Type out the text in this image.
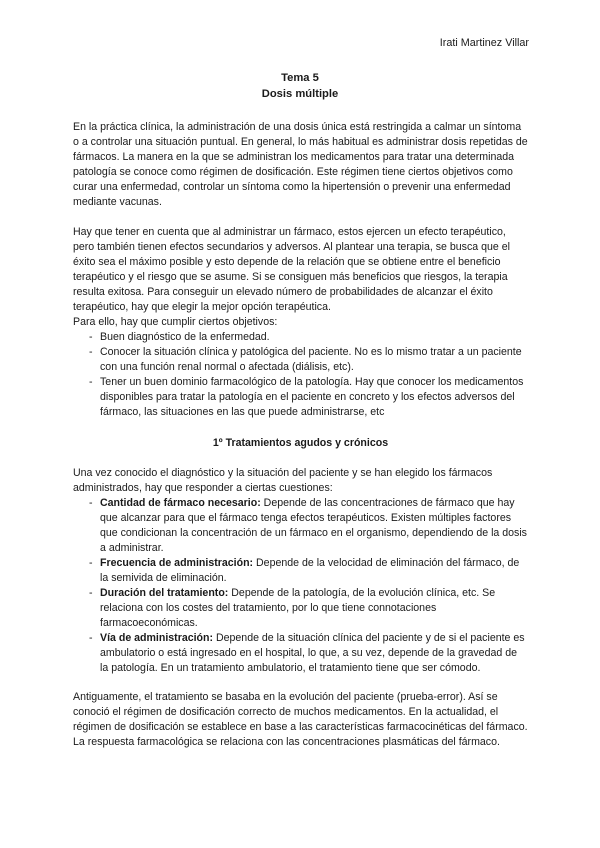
Irati Martinez Villar
Tema 5
Dosis múltiple

En la práctica clínica, la administración de una dosis única está restringida a calmar un síntoma o a controlar una situación puntual. En general, lo más habitual es administrar dosis repetidas de fármacos. La manera en la que se administran los medicamentos para tratar una determinada patología se conoce como régimen de dosificación. Este régimen tiene ciertos objetivos como curar una enfermedad, controlar un síntoma como la hipertensión o prevenir una enfermedad mediante vacunas.

Hay que tener en cuenta que al administrar un fármaco, estos ejercen un efecto terapéutico, pero también tienen efectos secundarios y adversos. Al plantear una terapia, se busca que el éxito sea el máximo posible y esto depende de la relación que se obtiene entre el beneficio terapéutico y el riesgo que se asume. Si se consiguen más beneficios que riesgos, la terapia resulta exitosa. Para conseguir un elevado número de probabilidades de alcanzar el éxito terapéutico, hay que elegir la mejor opción terapéutica.

Para ello, hay que cumplir ciertos objetivos:

- Buen diagnóstico de la enfermedad.
- Conocer la situación clínica y patológica del paciente. No es lo mismo tratar a un paciente con una función renal normal o afectada (diálisis, etc).
- Tener un buen dominio farmacológico de la patología. Hay que conocer los medicamentos disponibles para tratar la patología en el paciente en concreto y los efectos adversos del fármaco, las situaciones en las que puede administrarse, etc
1º Tratamientos agudos y crónicos

Una vez conocido el diagnóstico y la situación del paciente y se han elegido los fármacos administrados, hay que responder a ciertas cuestiones:

- Cantidad de fármaco necesario: Depende de las concentraciones de fármaco que hay que alcanzar para que el fármaco tenga efectos terapéuticos. Existen múltiples factores que condicionan la concentración de un fármaco en el organismo, dependiendo de la dosis a administrar.
- Frecuencia de administración: Depende de la velocidad de eliminación del fármaco, de la semivida de eliminación.
- Duración del tratamiento: Depende de la patología, de la evolución clínica, etc. Se relaciona con los costes del tratamiento, por lo que tiene connotaciones farmacoeconómicas.
- Vía de administración: Depende de la situación clínica del paciente y de si el paciente es ambulatorio o está ingresado en el hospital, lo que, a su vez, depende de la gravedad de la patología. En un tratamiento ambulatorio, el tratamiento tiene que ser cómodo.

Antiguamente, el tratamiento se basaba en la evolución del paciente (prueba-error). Así se conoció el régimen de dosificación correcto de muchos medicamentos. En la actualidad, el régimen de dosificación se establece en base a las características farmacocinéticas del fármaco. La respuesta farmacológica se relaciona con las concentraciones plasmáticas del fármaco.
